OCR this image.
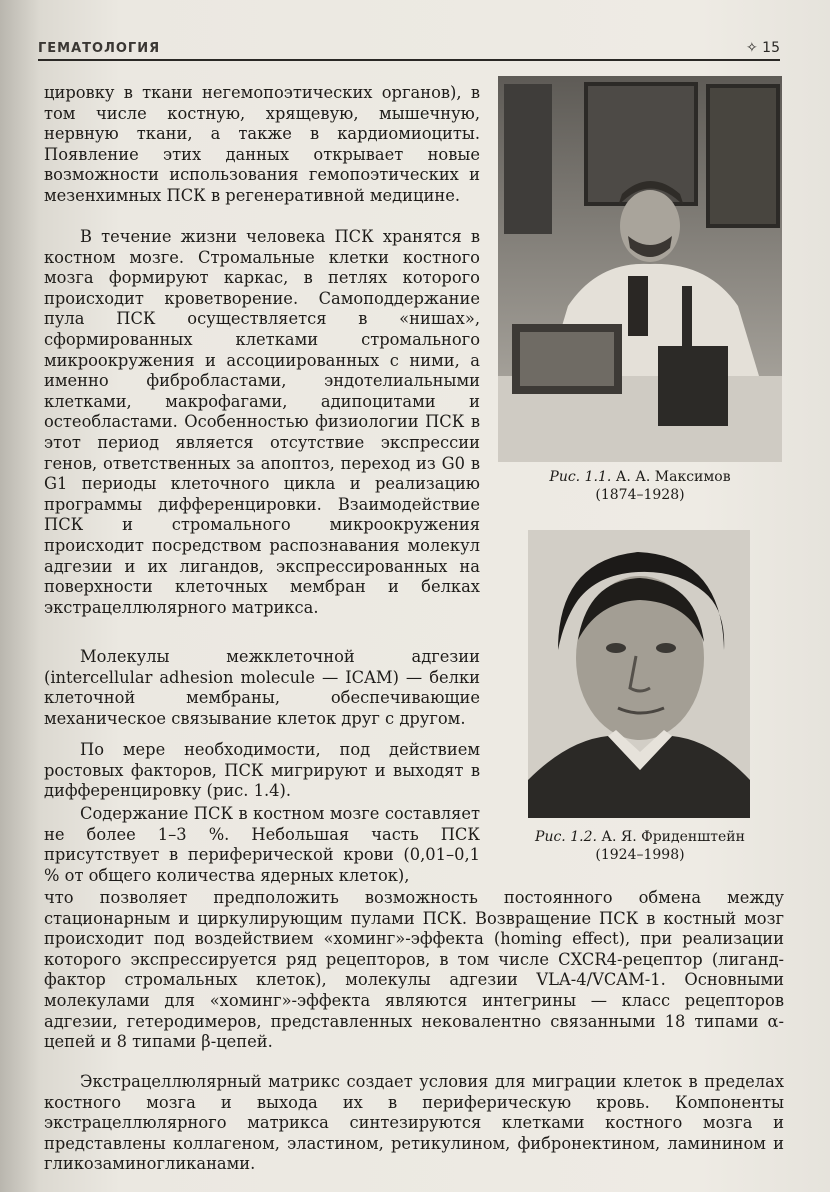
ГЕМАТОЛОГИЯ	✧ 15

цировку в ткани негемопоэтических органов), в том числе костную, хрящевую, мышечную, нервную ткани, а также в кардиомиоциты. Появление этих данных открывает новые возможности использования гемопоэтических и мезенхимных ПСК в регенеративной медицине.

В течение жизни человека ПСК хранятся в костном мозге. Стромальные клетки костного мозга формируют каркас, в петлях которого происходит кроветворение. Самоподдержание пула ПСК осуществляется в «нишах», сформированных клетками стромального микроокружения и ассоциированных с ними, а именно фибробластами, эндотелиальными клетками, макрофагами, адипоцитами и остеобластами. Особенностью физиологии ПСК в этот период является отсутствие экспрессии генов, ответственных за апоптоз, переход из G0 в G1 периоды клеточного цикла и реализацию программы дифференцировки. Взаимодействие ПСК и стромального микроокружения происходит посредством распознавания молекул адгезии и их лигандов, экспрессированных на поверхности клеточных мембран и белках экстрацеллюлярного матрикса.

Молекулы межклеточной адгезии (intercellular adhesion molecule — ICAM) — белки клеточной мембраны, обеспечивающие механическое связывание клеток друг с другом.

По мере необходимости, под действием ростовых факторов, ПСК мигрируют и выходят в дифференцировку (рис. 1.4).

Содержание ПСК в костном мозге составляет не более 1–3 %. Небольшая часть ПСК присутствует в периферической крови (0,01–0,1 % от общего количества ядерных клеток),

что позволяет предположить возможность постоянного обмена между стационарным и циркулирующим пулами ПСК. Возвращение ПСК в костный мозг происходит под воздействием «хоминг»-эффекта (homing effect), при реализации которого экспрессируется ряд рецепторов, в том числе CXCR4-рецептор (лиганд-фактор стромальных клеток), молекулы адгезии VLA-4/VCAM-1. Основными молекулами для «хоминг»-эффекта являются интегрины — класс рецепторов адгезии, гетеродимеров, представленных нековалентно связанными 18 типами α-цепей и 8 типами β-цепей.

Экстрацеллюлярный матрикс создает условия для миграции клеток в пределах костного мозга и выхода их в периферическую кровь. Компоненты экстрацеллюлярного матрикса синтезируются клетками костного мозга и представлены коллагеном, эластином, ретикулином, фибронектином, ламинином и гликозаминогликанами.

Рис. 1.1. А. А. Максимов
(1874–1928)
Рис. 1.2. А. Я. Фриденштейн
(1924–1998)
